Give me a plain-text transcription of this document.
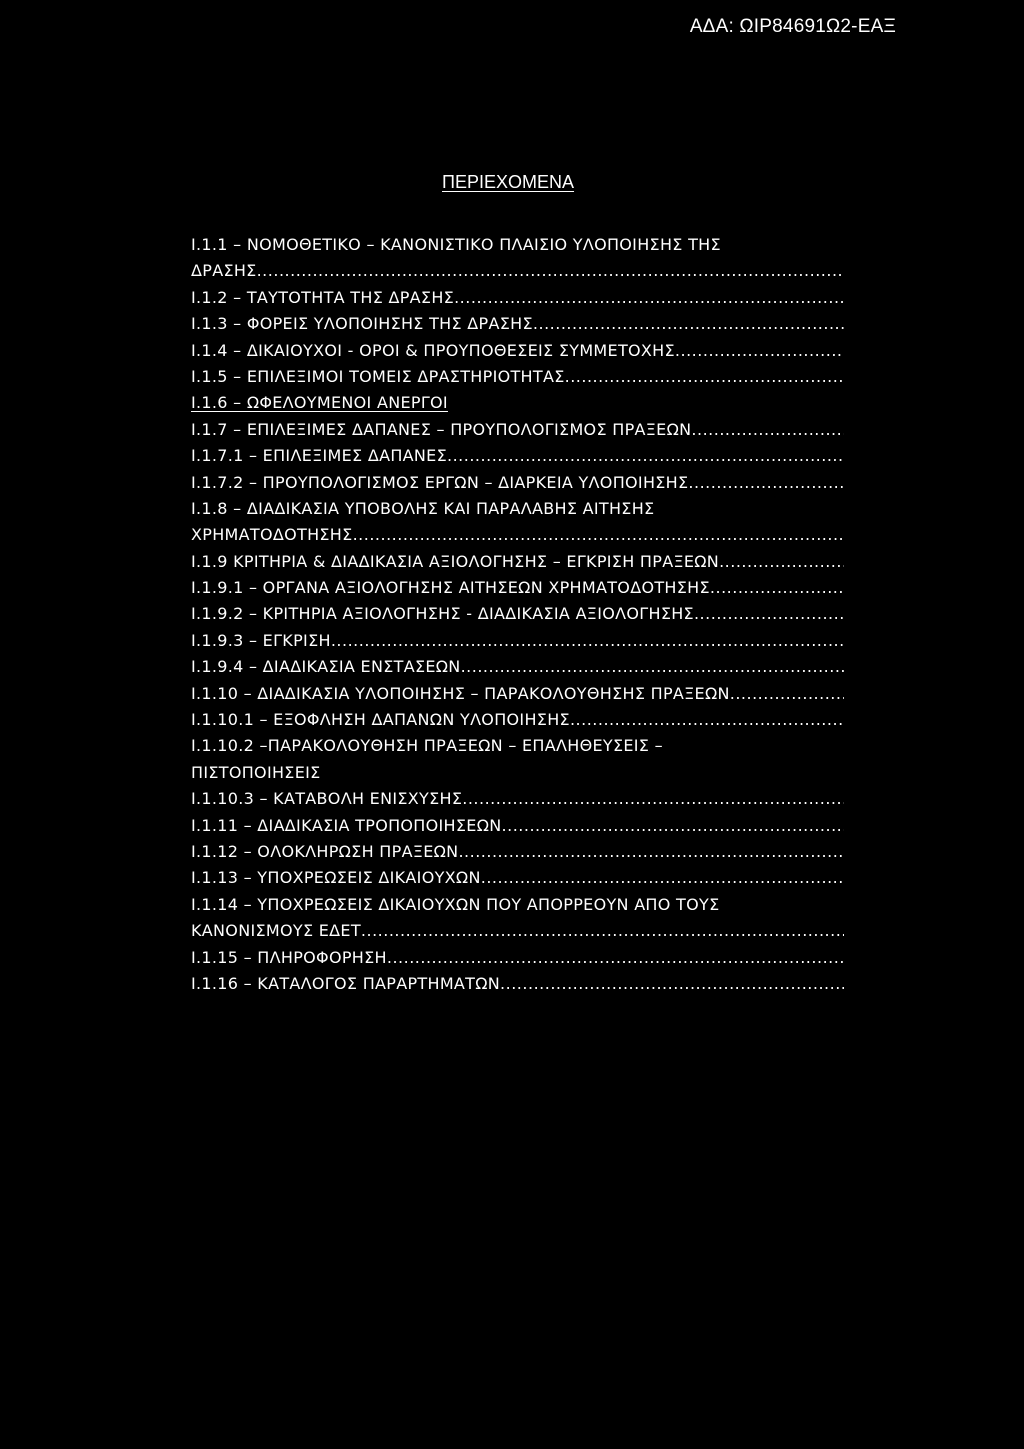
ΑΔΑ: ΩΙΡ84691Ω2-ΕΑΞ
ΠΕΡΙΕΧΟΜΕΝΑ
Ι.1.1 – ΝΟΜΟΘΕΤΙΚΟ – ΚΑΝΟΝΙΣΤΙΚΟ ΠΛΑΙΣΙΟ ΥΛΟΠΟΙΗΣΗΣ ΤΗΣ
ΔΡΑΣΗΣ
.....
Ι.1.2 – ΤΑΥΤΟΤΗΤΑ ΤΗΣ ΔΡΑΣΗΣ
.....
Ι.1.3 – ΦΟΡΕΙΣ ΥΛΟΠΟΙΗΣΗΣ ΤΗΣ ΔΡΑΣΗΣ
.....
Ι.1.4 – ΔΙΚΑΙΟΥΧΟΙ - ΟΡΟΙ & ΠΡΟΥΠΟΘΕΣΕΙΣ ΣΥΜΜΕΤΟΧΗΣ
.....
Ι.1.5 – ΕΠΙΛΕΞΙΜΟΙ ΤΟΜΕΙΣ ΔΡΑΣΤΗΡΙΟΤΗΤΑΣ
.....
Ι.1.6 – ΩΦΕΛΟΥΜΕΝΟΙ ΑΝΕΡΓΟΙ
Ι.1.7 – ΕΠΙΛΕΞΙΜΕΣ ΔΑΠΑΝΕΣ – ΠΡΟΥΠΟΛΟΓΙΣΜΟΣ ΠΡΑΞΕΩΝ
.....
Ι.1.7.1 – ΕΠΙΛΕΞΙΜΕΣ ΔΑΠΑΝΕΣ
.....
Ι.1.7.2 – ΠΡΟΥΠΟΛΟΓΙΣΜΟΣ ΕΡΓΩΝ – ΔΙΑΡΚΕΙΑ ΥΛΟΠΟΙΗΣΗΣ
.....
Ι.1.8 – ΔΙΑΔΙΚΑΣΙΑ ΥΠΟΒΟΛΗΣ ΚΑΙ ΠΑΡΑΛΑΒΗΣ ΑΙΤΗΣΗΣ
ΧΡΗΜΑΤΟΔΟΤΗΣΗΣ
.....
Ι.1.9 ΚΡΙΤΗΡΙΑ & ΔΙΑΔΙΚΑΣΙΑ ΑΞΙΟΛΟΓΗΣΗΣ – ΕΓΚΡΙΣΗ ΠΡΑΞΕΩΝ
.....
Ι.1.9.1 – ΟΡΓΑΝΑ ΑΞΙΟΛΟΓΗΣΗΣ ΑΙΤΗΣΕΩΝ ΧΡΗΜΑΤΟΔΟΤΗΣΗΣ
.....
Ι.1.9.2 – ΚΡΙΤΗΡΙΑ ΑΞΙΟΛΟΓΗΣΗΣ - ΔΙΑΔΙΚΑΣΙΑ ΑΞΙΟΛΟΓΗΣΗΣ
.....
Ι.1.9.3 – ΕΓΚΡΙΣΗ
.....
Ι.1.9.4 – ΔΙΑΔΙΚΑΣΙΑ ΕΝΣΤΑΣΕΩΝ
.....
Ι.1.10 – ΔΙΑΔΙΚΑΣΙΑ ΥΛΟΠΟΙΗΣΗΣ – ΠΑΡΑΚΟΛΟΥΘΗΣΗΣ ΠΡΑΞΕΩΝ
.....
Ι.1.10.1 – ΕΞΟΦΛΗΣΗ ΔΑΠΑΝΩΝ ΥΛΟΠΟΙΗΣΗΣ
.....
Ι.1.10.2 –ΠΑΡΑΚΟΛΟΥΘΗΣΗ ΠΡΑΞΕΩΝ – ΕΠΑΛΗΘΕΥΣΕΙΣ –
ΠΙΣΤΟΠΟΙΗΣΕΙΣ
Ι.1.10.3 – ΚΑΤΑΒΟΛΗ ΕΝΙΣΧΥΣΗΣ
.....
Ι.1.11 – ΔΙΑΔΙΚΑΣΙΑ ΤΡΟΠΟΠΟΙΗΣΕΩΝ
.....
Ι.1.12 – ΟΛΟΚΛΗΡΩΣΗ ΠΡΑΞΕΩΝ
.....
Ι.1.13 – ΥΠΟΧΡΕΩΣΕΙΣ ΔΙΚΑΙΟΥΧΩΝ
.....
Ι.1.14 – ΥΠΟΧΡΕΩΣΕΙΣ ΔΙΚΑΙΟΥΧΩΝ ΠΟΥ ΑΠΟΡΡΕΟΥΝ ΑΠΟ ΤΟΥΣ
ΚΑΝΟΝΙΣΜΟΥΣ ΕΔΕΤ
.....
Ι.1.15 – ΠΛΗΡΟΦΟΡΗΣΗ
.....
Ι.1.16 – ΚΑΤΑΛΟΓΟΣ ΠΑΡΑΡΤΗΜΑΤΩΝ
.....
